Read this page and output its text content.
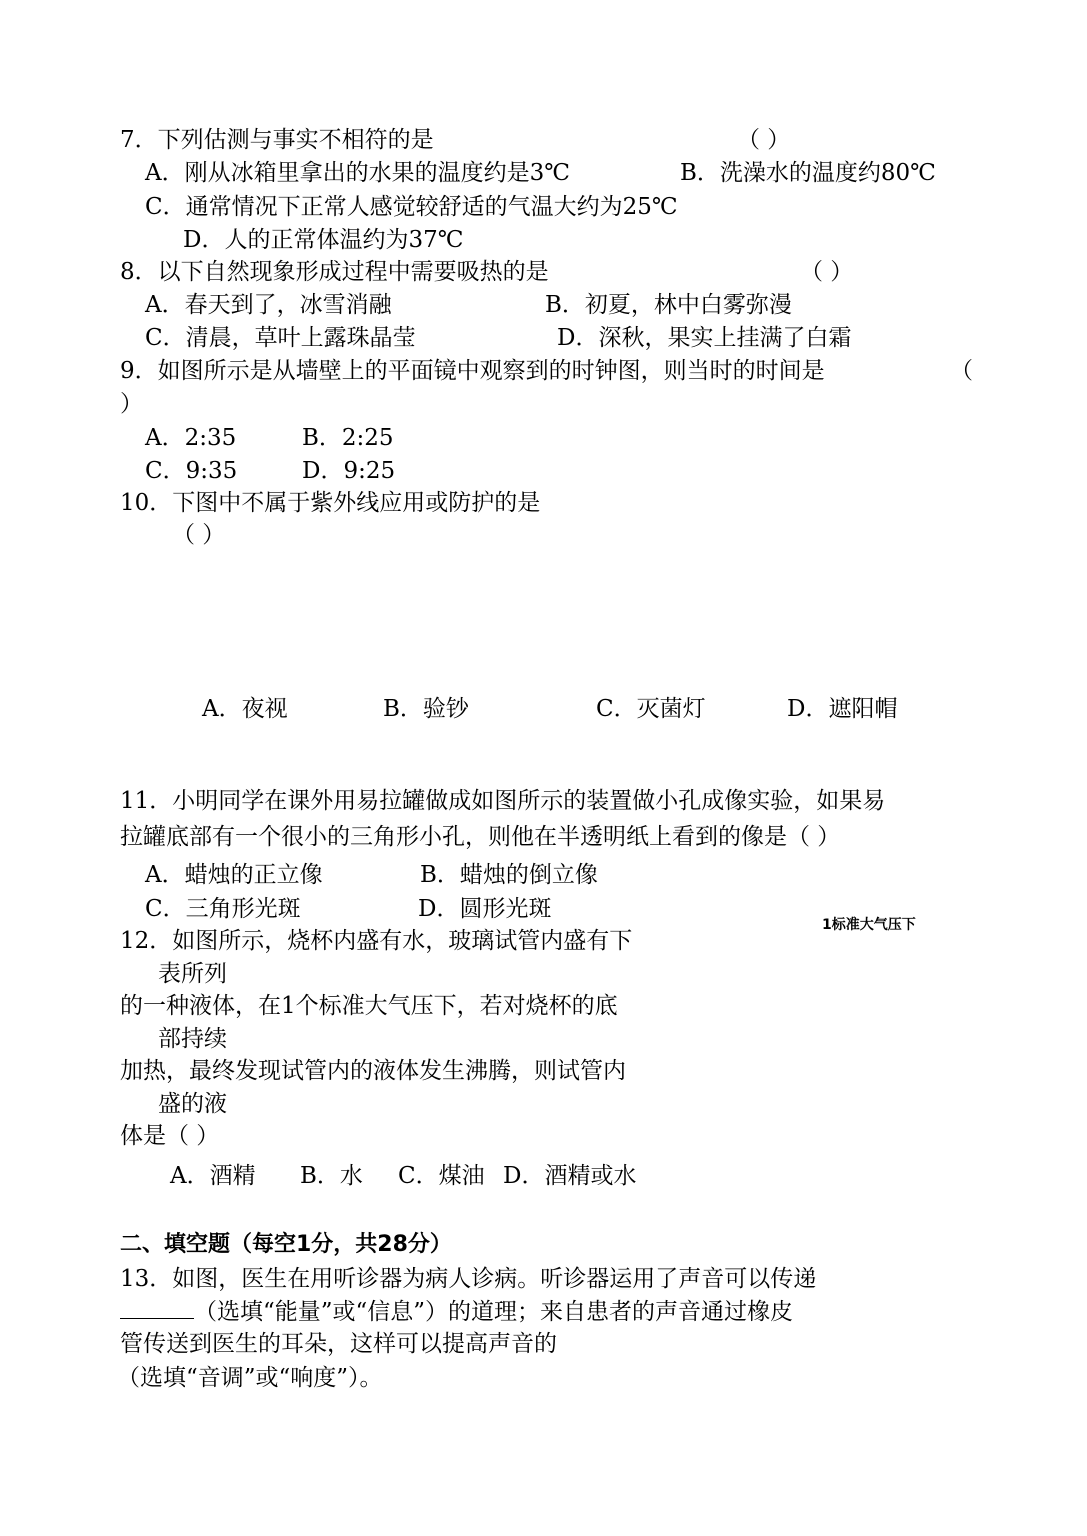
7．下列估测与事实不相符的是	（ ）
A．刚从冰箱里拿出的水果的温度约是3℃	B．洗澡水的温度约80℃
C．通常情况下正常人感觉较舒适的气温大约为25℃
D．人的正常体温约为37℃
8．以下自然现象形成过程中需要吸热的是	（ ）
A．春天到了，冰雪消融	B．初夏，林中白雾弥漫
C．清晨，草叶上露珠晶莹	D．深秋，果实上挂满了白霜
9．如图所示是从墙壁上的平面镜中观察到的时钟图，则当时的时间是	（
）
A．2:35	B．2:25
C．9:35	D．9:25
10．下图中不属于紫外线应用或防护的是
（ ）
A．夜视	B．验钞	C．灭菌灯	D．遮阳帽
11．小明同学在课外用易拉罐做成如图所示的装置做小孔成像实验，如果易
拉罐底部有一个很小的三角形小孔，则他在半透明纸上看到的像是（ ）
A．蜡烛的正立像	B．蜡烛的倒立像
C．三角形光斑	D．圆形光斑
1标准大气压下
12．如图所示，烧杯内盛有水，玻璃试管内盛有下
表所列
的一种液体，在1个标准大气压下，若对烧杯的底
部持续
加热，最终发现试管内的液体发生沸腾，则试管内
盛的液
体是（ ）
A．酒精 B．水 C．煤油 D．酒精或水
二、填空题（每空1分，共28分）
13．如图，医生在用听诊器为病人诊病。听诊器运用了声音可以传递
（选填“能量”或“信息”）的道理；来自患者的声音通过橡皮
管传送到医生的耳朵，这样可以提高声音的
（选填“音调”或“响度”）。
